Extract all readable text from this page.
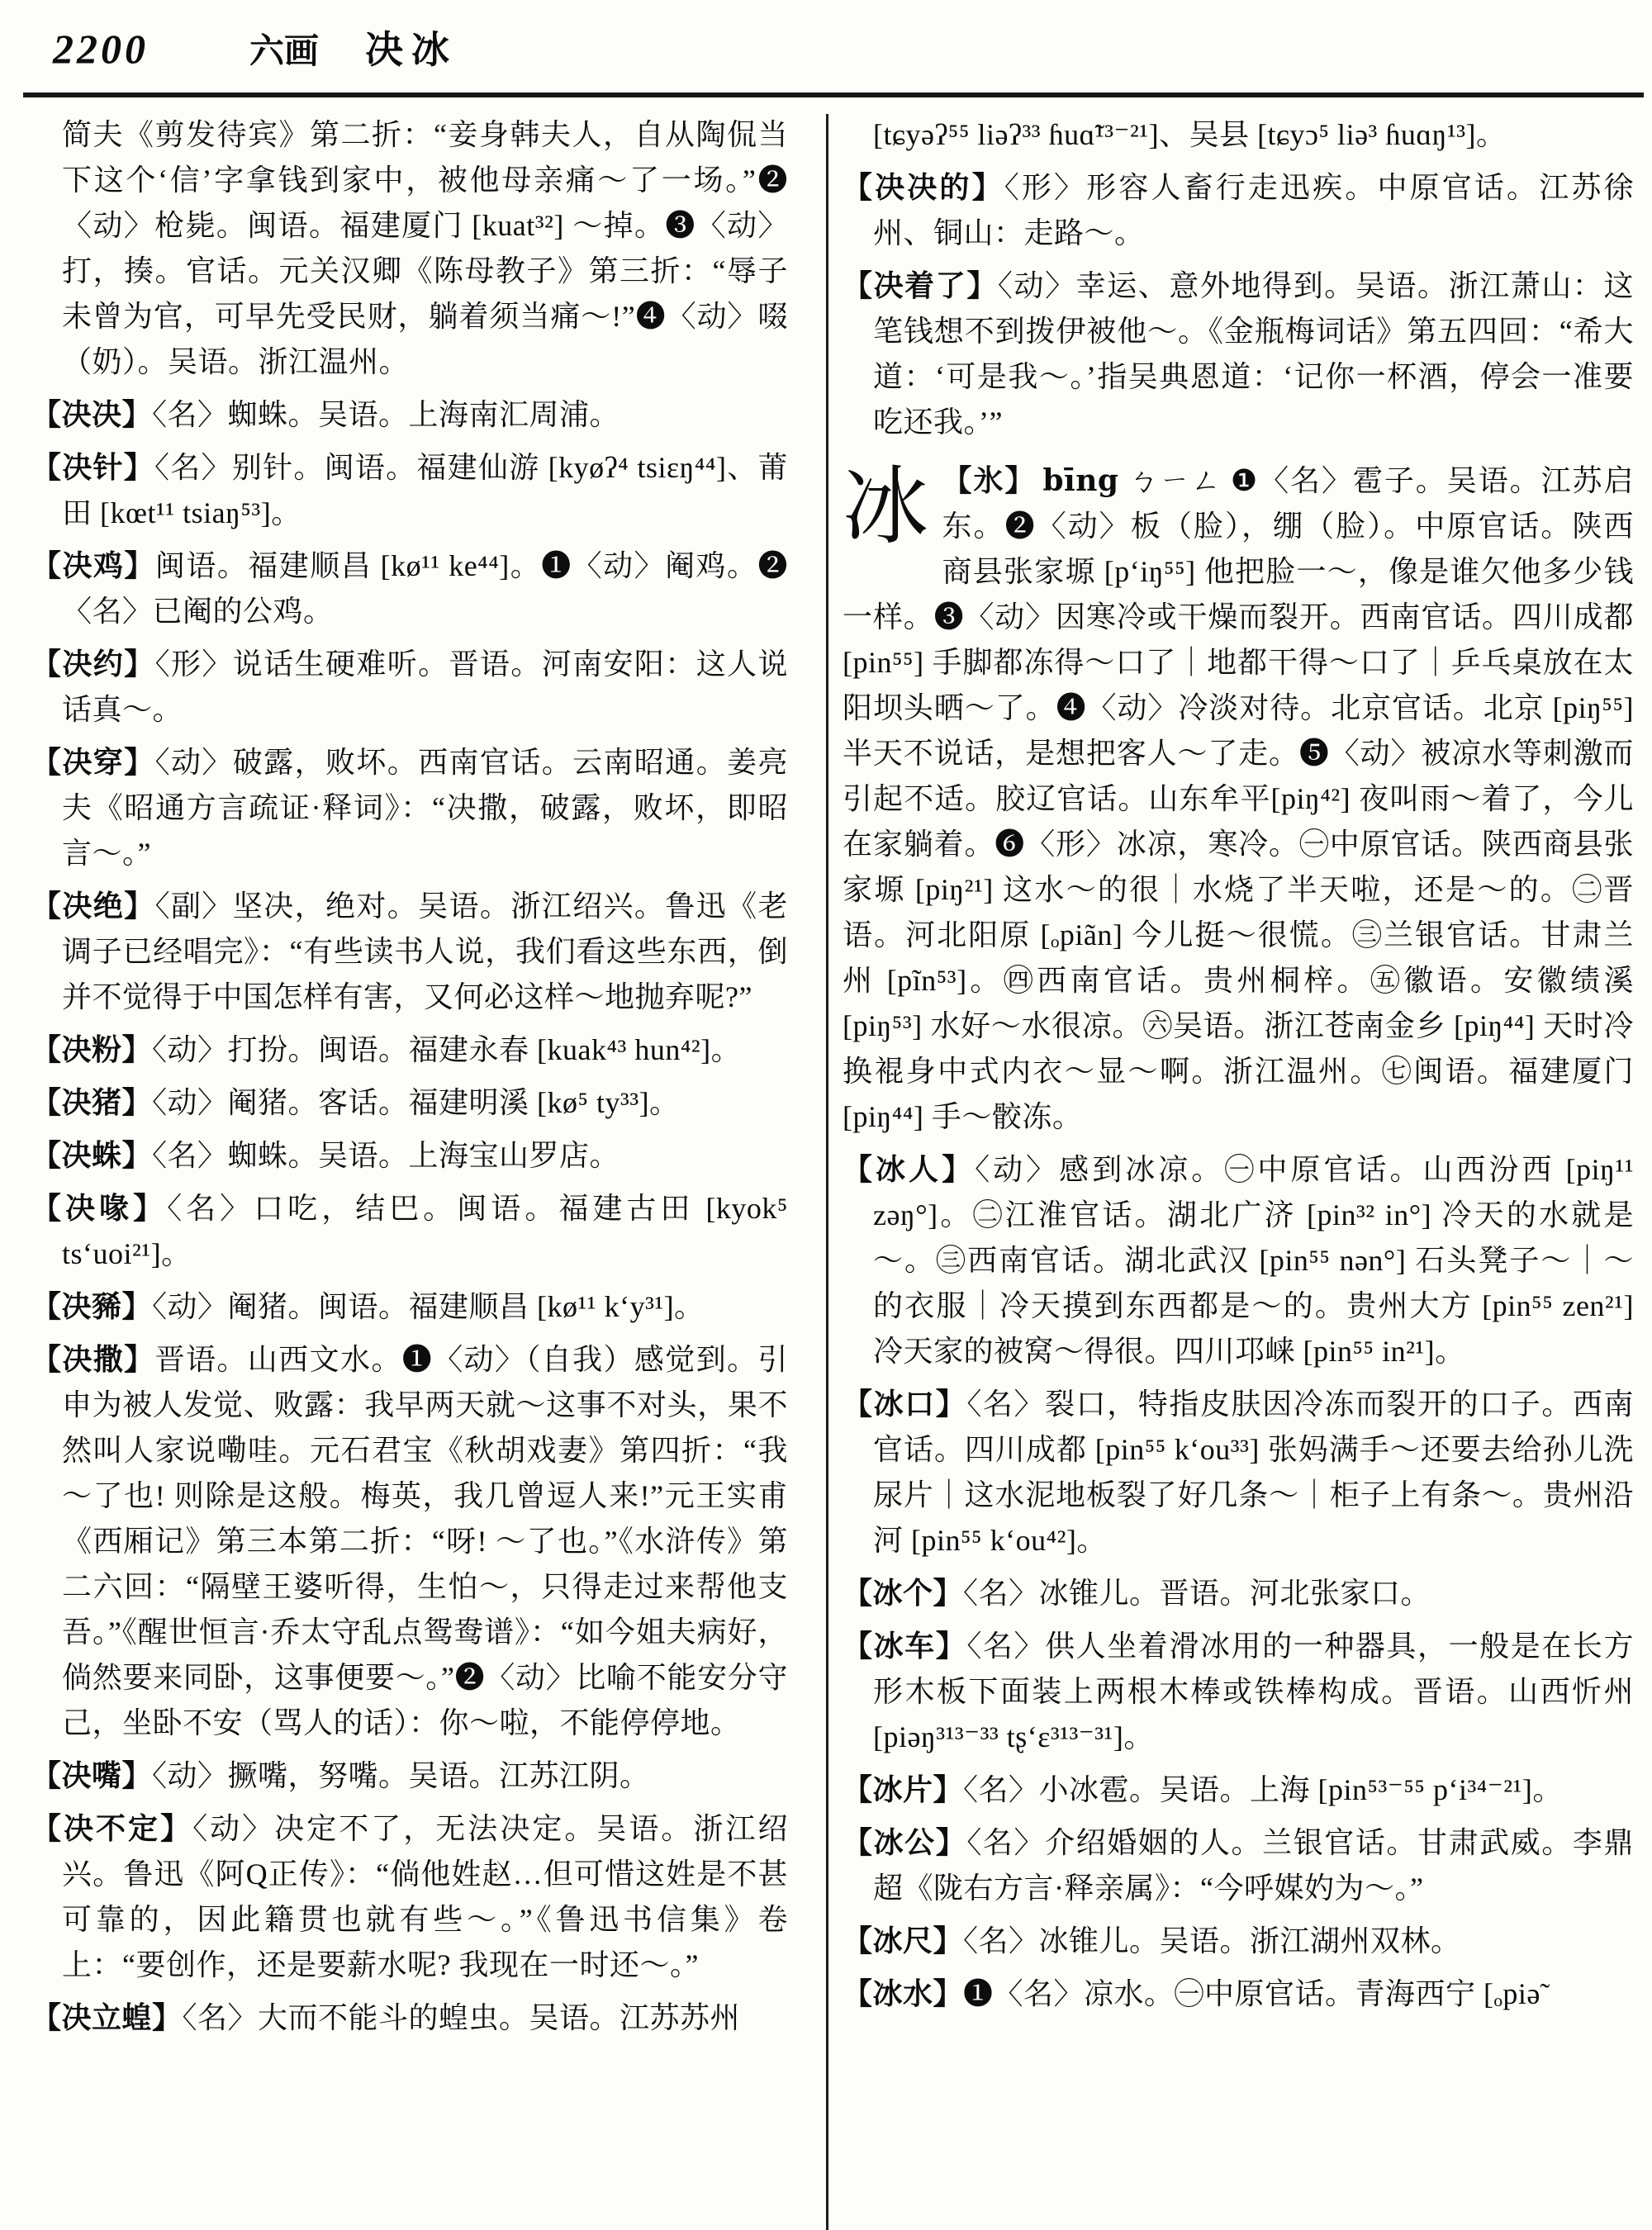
2200	六画 决冰

简夫《剪发待宾》第二折：“妾身韩夫人，自从陶侃当下这个‘信’字拿钱到家中，被他母亲痛～了一场。”❷〈动〉枪毙。闽语。福建厦门 [kuat³²] ～掉。❸〈动〉打，揍。官话。元关汉卿《陈母教子》第三折：“辱子未曾为官，可早先受民财，躺着须当痛～!”❹〈动〉啜（奶）。吴语。浙江温州。

【决决】〈名〉蜘蛛。吴语。上海南汇周浦。

【决针】〈名〉别针。闽语。福建仙游 [kyøʔ⁴ tsiɛŋ⁴⁴]、莆田 [kœt¹¹ tsiaŋ⁵³]。

【决鸡】闽语。福建顺昌 [kø¹¹ ke⁴⁴]。❶〈动〉阉鸡。❷〈名〉已阉的公鸡。

【决约】〈形〉说话生硬难听。晋语。河南安阳：这人说话真～。

【决穿】〈动〉破露，败坏。西南官话。云南昭通。姜亮夫《昭通方言疏证·释词》：“决撒，破露，败坏，即昭言～。”

【决绝】〈副〉坚决，绝对。吴语。浙江绍兴。鲁迅《老调子已经唱完》：“有些读书人说，我们看这些东西，倒并不觉得于中国怎样有害，又何必这样～地抛弃呢?”

【决粉】〈动〉打扮。闽语。福建永春 [kuak⁴³ hun⁴²]。

【决猪】〈动〉阉猪。客话。福建明溪 [kø⁵ ty³³]。

【决蛛】〈名〉蜘蛛。吴语。上海宝山罗店。

【决喙】〈名〉口吃，结巴。闽语。福建古田 [kyok⁵ tsʻuoi²¹]。

【决豨】〈动〉阉猪。闽语。福建顺昌 [kø¹¹ kʻy³¹]。

【决撒】晋语。山西文水。❶〈动〉（自我）感觉到。引申为被人发觉、败露：我早两天就～这事不对头，果不然叫人家说嘞哇。元石君宝《秋胡戏妻》第四折：“我～了也! 则除是这般。梅英，我几曾逗人来!”元王实甫《西厢记》第三本第二折：“呀! ～了也。”《水浒传》第二六回：“隔壁王婆听得，生怕～，只得走过来帮他支吾。”《醒世恒言·乔太守乱点鸳鸯谱》：“如今姐夫病好，倘然要来同卧，这事便要～。”❷〈动〉比喻不能安分守己，坐卧不安（骂人的话）：你～啦，不能停停地。

【决嘴】〈动〉撅嘴，努嘴。吴语。江苏江阴。

【决不定】〈动〉决定不了，无法决定。吴语。浙江绍兴。鲁迅《阿Q正传》：“倘他姓赵…但可惜这姓是不甚可靠的，因此籍贯也就有些～。”《鲁迅书信集》卷上：“要创作，还是要薪水呢? 我现在一时还～。”

【决立蝗】〈名〉大而不能斗的蝗虫。吴语。江苏苏州

[tɕyəʔ⁵⁵ liəʔ³³ ɦuɑ̃¹³⁻²¹]、吴县 [tɕyɔ⁵ liə³ ɦuɑŋ¹³]。

【决决的】〈形〉形容人畜行走迅疾。中原官话。江苏徐州、铜山：走路～。

【决着了】〈动〉幸运、意外地得到。吴语。浙江萧山：这笔钱想不到拨伊被他～。《金瓶梅词话》第五四回：“希大道：‘可是我～。’指吴典恩道：‘记你一杯酒，停会一准要吃还我。’”

冰 【氷】 bīng ㄅㄧㄥ ❶〈名〉雹子。吴语。江苏启东。❷〈动〉板（脸），绷（脸）。中原官话。陕西商县张家塬 [pʻiŋ⁵⁵] 他把脸一～，像是谁欠他多少钱一样。❸〈动〉因寒冷或干燥而裂开。西南官话。四川成都[pin⁵⁵] 手脚都冻得～口了｜地都干得～口了｜乒乓桌放在太阳坝头晒～了。❹〈动〉冷淡对待。北京官话。北京 [piŋ⁵⁵] 半天不说话，是想把客人～了走。❺〈动〉被凉水等刺激而引起不适。胶辽官话。山东牟平[piŋ⁴²] 夜叫雨～着了，今儿在家躺着。❻〈形〉冰凉，寒冷。㊀中原官话。陕西商县张家塬 [piŋ²¹] 这水～的很｜水烧了半天啦，还是～的。㊁晋语。河北阳原 [ₒpiãn] 今儿挺～很慌。㊂兰银官话。甘肃兰州 [pĩn⁵³]。㊃西南官话。贵州桐梓。㊄徽语。安徽绩溪 [piŋ⁵³] 水好～水很凉。㊅吴语。浙江苍南金乡 [piŋ⁴⁴] 天时冷换裩身中式内衣～显～啊。浙江温州。㊆闽语。福建厦门 [piŋ⁴⁴] 手～骹冻。

【冰人】〈动〉感到冰凉。㊀中原官话。山西汾西 [piŋ¹¹ zəŋ°]。㊁江淮官话。湖北广济 [pin³² in°] 冷天的水就是～。㊂西南官话。湖北武汉 [pin⁵⁵ nən°] 石头凳子～｜～的衣服｜冷天摸到东西都是～的。贵州大方 [pin⁵⁵ zen²¹] 冷天家的被窝～得很。四川邛崃 [pin⁵⁵ in²¹]。

【冰口】〈名〉裂口，特指皮肤因冷冻而裂开的口子。西南官话。四川成都 [pin⁵⁵ kʻou³³] 张妈满手～还要去给孙儿洗尿片｜这水泥地板裂了好几条～｜柜子上有条～。贵州沿河 [pin⁵⁵ kʻou⁴²]。

【冰个】〈名〉冰锥儿。晋语。河北张家口。

【冰车】〈名〉供人坐着滑冰用的一种器具，一般是在长方形木板下面装上两根木棒或铁棒构成。晋语。山西忻州 [piəŋ³¹³⁻³³ tʂʻɛ³¹³⁻³¹]。

【冰片】〈名〉小冰雹。吴语。上海 [pin⁵³⁻⁵⁵ pʻi³⁴⁻²¹]。

【冰公】〈名〉介绍婚姻的人。兰银官话。甘肃武威。李鼎超《陇右方言·释亲属》：“今呼媒妁为～。”

【冰尺】〈名〉冰锥儿。吴语。浙江湖州双林。

【冰水】❶〈名〉凉水。㊀中原官话。青海西宁 [ₒpiə̃
